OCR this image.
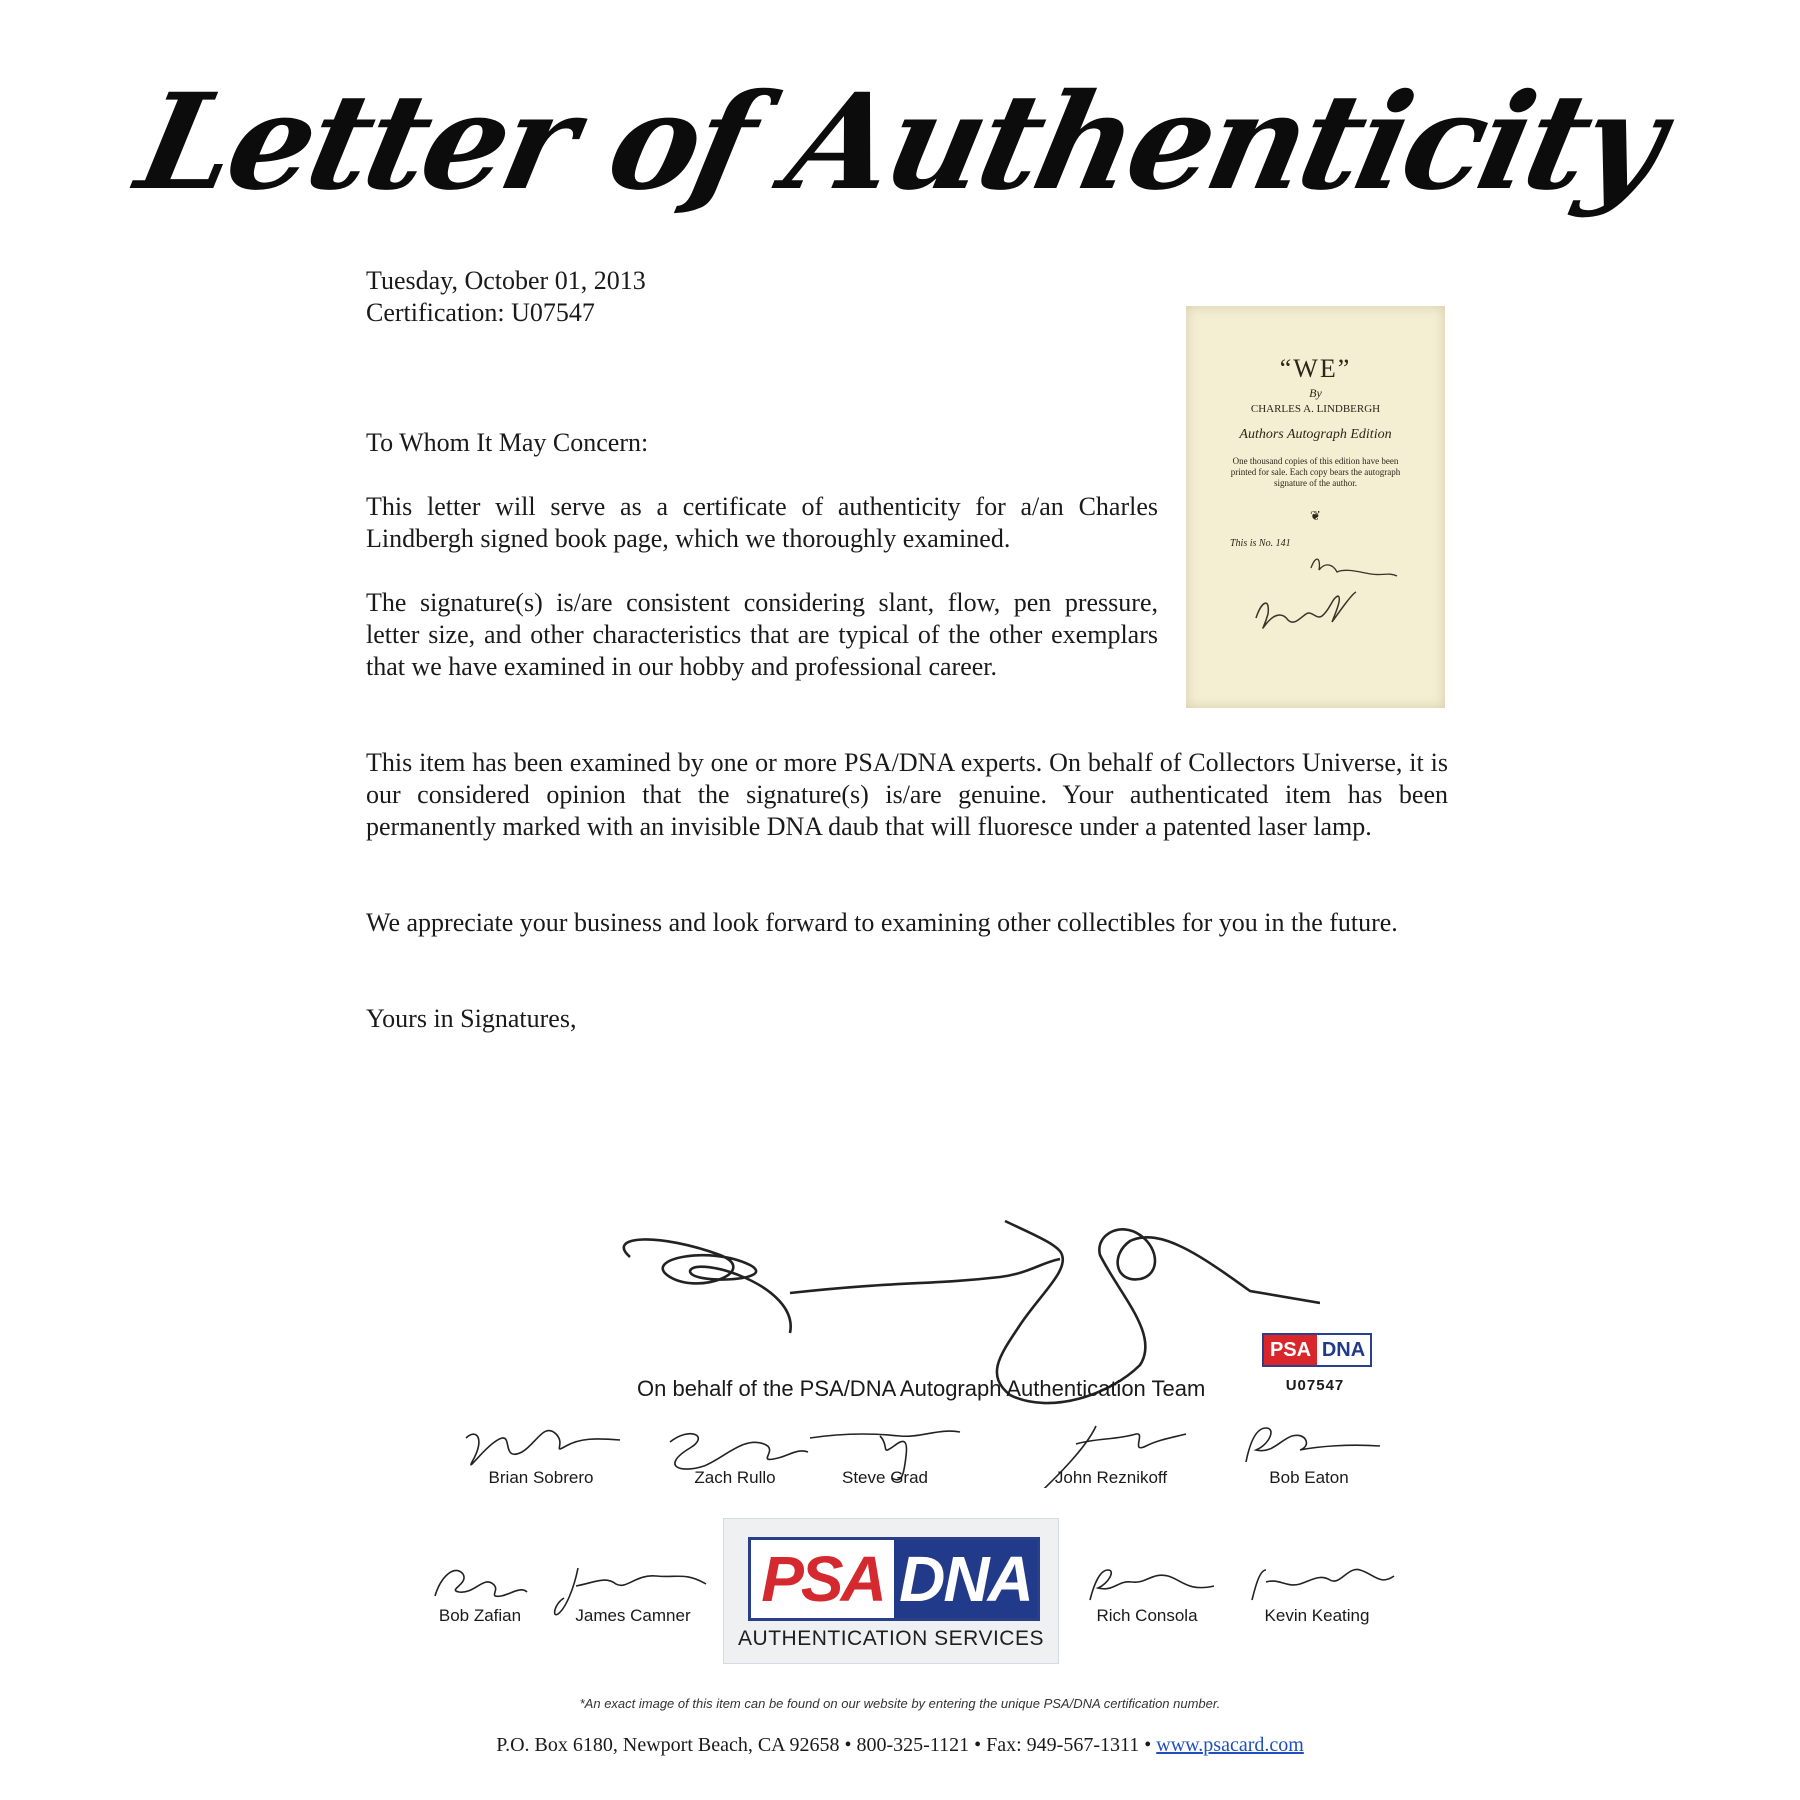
Letter of Authenticity
Tuesday, October 01, 2013
Certification: U07547

To Whom It May Concern:

This letter will serve as a certificate of authenticity for a/an Charles Lindbergh signed book page, which we thoroughly examined.

The signature(s) is/are consistent considering slant, flow, pen pressure, letter size, and other characteristics that are typical of the other exemplars that we have examined in our hobby and professional career.

This item has been examined by one or more PSA/DNA experts. On behalf of Collectors Universe, it is our considered opinion that the signature(s) is/are genuine. Your authenticated item has been permanently marked with an invisible DNA daub that will fluoresce under a patented laser lamp.

We appreciate your business and look forward to examining other collectibles for you in the future.

Yours in Signatures,

“WE”
By
CHARLES A. LINDBERGH
Authors Autograph Edition
One thousand copies of this edition have been printed for sale. Each copy bears the autograph signature of the author.
❦
This is No. 141
On behalf of the PSA/DNA Autograph Authentication Team
PSA DNA
U07547
Brian Sobrero	Zach Rullo	Steve Grad	John Reznikoff	Bob Eaton
Bob Zafian	James Camner	Rich Consola	Kevin Keating
PSA DNA
AUTHENTICATION SERVICES
*An exact image of this item can be found on our website by entering the unique PSA/DNA certification number.
P.O. Box 6180, Newport Beach, CA 92658 • 800-325-1121 • Fax: 949-567-1311 • www.psacard.com
